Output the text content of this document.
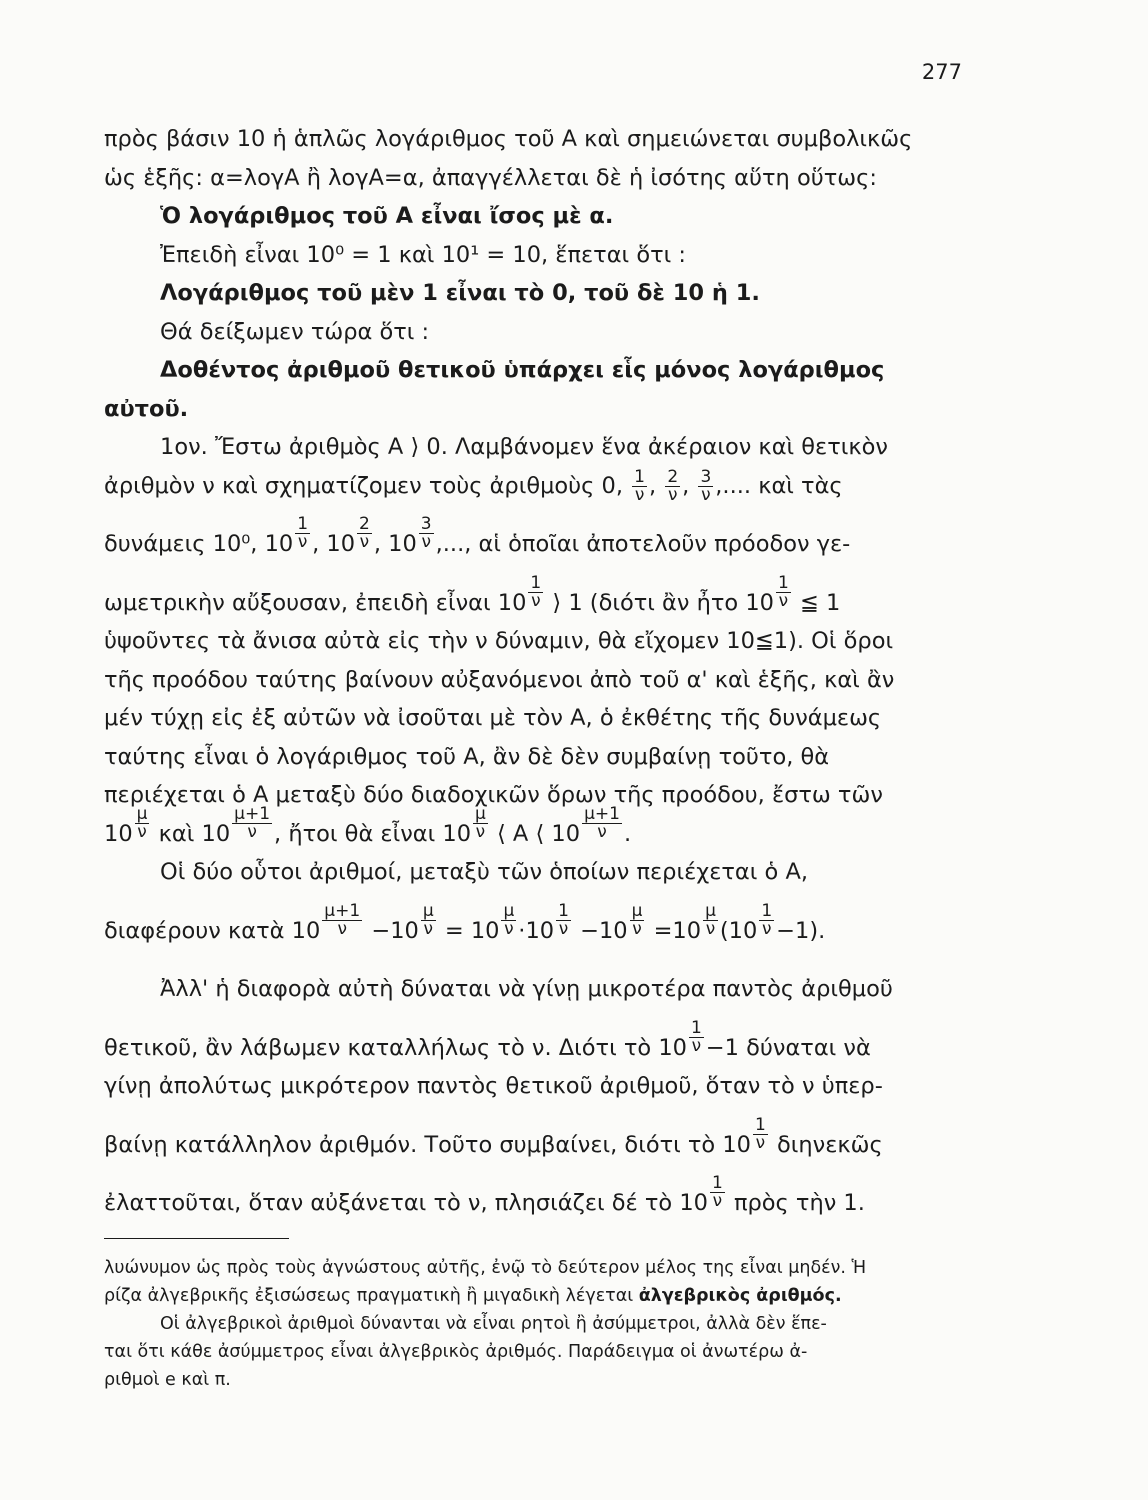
277
πρὸς βάσιν 10 ἡ ἁπλῶς λογάριθμος τοῦ Α καὶ σημειώνεται συμβολικῶς
ὡς ἑξῆς: α=λογΑ ἢ λογΑ=α, ἀπαγγέλλεται δὲ ἡ ἰσότης αὕτη οὕτως:
Ὁ λογάριθμος τοῦ Α εἶναι ἴσος μὲ α.
Ἐπειδὴ εἶναι 10⁰ = 1 καὶ 10¹ = 10, ἕπεται ὅτι :
Λογάριθμος τοῦ μὲν 1 εἶναι τὸ 0, τοῦ δὲ 10 ἡ 1.
Θά δείξωμεν τώρα ὅτι :
Δοθέντος ἀριθμοῦ θετικοῦ ὑπάρχει εἷς μόνος λογάριθμος
αὐτοῦ.
1ον. Ἔστω ἀριθμὸς Α ⟩ 0. Λαμβάνομεν ἕνα ἀκέραιον καὶ θετικὸν
ἀριθμὸν ν καὶ σχηματίζομεν τοὺς ἀριθμοὺς 0, $\frac{1}{\nu}$ , $\frac{2}{\nu}$ , $\frac{3}{\nu}$ ,.... καὶ τὰς
δυνάμεις 10⁰, 10 $^{\frac{1}{\nu}}$ , 10 $^{\frac{2}{\nu}}$ , 10 $^{\frac{3}{\nu}}$ ,..., αἱ ὁποῖαι ἀποτελοῦν πρόοδον γε-
ωμετρικὴν αὔξουσαν, ἐπειδὴ εἶναι 10 $^{\frac{1}{\nu}}$ ⟩ 1 (διότι ἂν ἦτο 10 $^{\frac{1}{\nu}}$ ≦ 1
ὑψοῦντες τὰ ἄνισα αὐτὰ εἰς τὴν ν δύναμιν, θὰ εἴχομεν 10≦1). Οἱ ὅροι
τῆς προόδου ταύτης βαίνουν αὐξανόμενοι ἀπὸ τοῦ α' καὶ ἑξῆς, καὶ ἂν
μέν τύχῃ εἰς ἐξ αὐτῶν νὰ ἰσοῦται μὲ τὸν Α, ὁ ἐκθέτης τῆς δυνάμεως
ταύτης εἶναι ὁ λογάριθμος τοῦ Α, ἂν δὲ δὲν συμβαίνῃ τοῦτο, θὰ
περιέχεται ὁ Α μεταξὺ δύο διαδοχικῶν ὅρων τῆς προόδου, ἔστω τῶν
10 $^{\frac{\mu}{\nu}}$ καὶ 10 $^{\frac{\mu+1}{\nu}}$ , ἤτοι θὰ εἶναι 10 $^{\frac{\mu}{\nu}}$ ⟨ Α ⟨ 10 $^{\frac{\mu+1}{\nu}}$ .
Οἱ δύο οὗτοι ἀριθμοί, μεταξὺ τῶν ὁποίων περιέχεται ὁ Α,
διαφέρουν κατὰ 10 $^{\frac{\mu+1}{\nu}}$ −10 $^{\frac{\mu}{\nu}}$ = 10 $^{\frac{\mu}{\nu}}$ ·10 $^{\frac{1}{\nu}}$ −10 $^{\frac{\mu}{\nu}}$ =10 $^{\frac{\mu}{\nu}}$ (10 $^{\frac{1}{\nu}}$ −1).
Ἀλλ' ἡ διαφορὰ αὐτὴ δύναται νὰ γίνῃ μικροτέρα παντὸς ἀριθμοῦ
θετικοῦ, ἂν λάβωμεν καταλλήλως τὸ ν. Διότι τὸ 10 $^{\frac{1}{\nu}}$ −1 δύναται νὰ
γίνῃ ἀπολύτως μικρότερον παντὸς θετικοῦ ἀριθμοῦ, ὅταν τὸ ν ὑπερ-
βαίνῃ κατάλληλον ἀριθμόν. Τοῦτο συμβαίνει, διότι τὸ 10 $^{\frac{1}{\nu}}$ διηνεκῶς
ἐλαττοῦται, ὅταν αὐξάνεται τὸ ν, πλησιάζει δέ τὸ 10 $^{\frac{1}{\nu}}$ πρὸς τὴν 1.
λυώνυμον ὡς πρὸς τοὺς ἀγνώστους αὐτῆς, ἐνῷ τὸ δεύτερον μέλος της εἶναι μηδέν. Ἡ
ρίζα ἀλγεβρικῆς ἐξισώσεως πραγματικὴ ἢ μιγαδικὴ λέγεται ἀλγεβρικὸς ἀριθμός.
Οἱ ἀλγεβρικοὶ ἀριθμοὶ δύνανται νὰ εἶναι ρητοὶ ἢ ἀσύμμετροι, ἀλλὰ δὲν ἕπε-
ται ὅτι κάθε ἀσύμμετρος εἶναι ἀλγεβρικὸς ἀριθμός. Παράδειγμα οἱ ἀνωτέρω ἀ-
ριθμοὶ e καὶ π.
